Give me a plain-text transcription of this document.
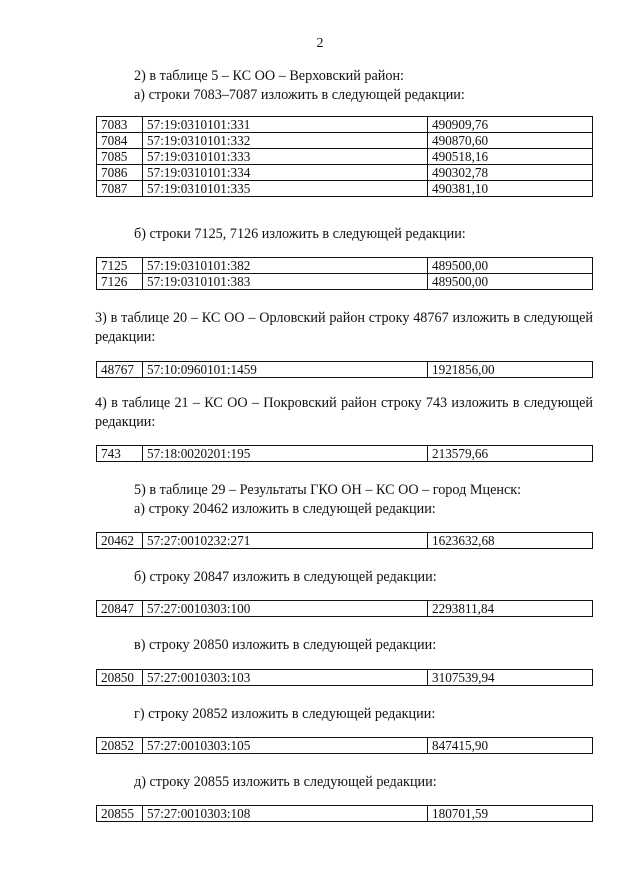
2
2) в таблице 5 – КС ОО – Верховский район:
а) строки 7083–7087 изложить в следующей редакции:
7083	57:19:0310101:331	490909,76
7084	57:19:0310101:332	490870,60
7085	57:19:0310101:333	490518,16
7086	57:19:0310101:334	490302,78
7087	57:19:0310101:335	490381,10
б) строки 7125, 7126 изложить в следующей редакции:
7125	57:19:0310101:382	489500,00
7126	57:19:0310101:383	489500,00
3) в таблице 20 – КС ОО – Орловский район строку 48767 изложить в следующей редакции:
48767	57:10:0960101:1459	1921856,00
4) в таблице 21 – КС ОО – Покровский район строку 743 изложить в следующей редакции:
743	57:18:0020201:195	213579,66
5) в таблице 29 – Результаты ГКО ОН – КС ОО – город Мценск:
а) строку 20462 изложить в следующей редакции:
20462	57:27:0010232:271	1623632,68
б) строку 20847 изложить в следующей редакции:
20847	57:27:0010303:100	2293811,84
в) строку 20850 изложить в следующей редакции:
20850	57:27:0010303:103	3107539,94
г) строку 20852 изложить в следующей редакции:
20852	57:27:0010303:105	847415,90
д) строку 20855 изложить в следующей редакции:
20855	57:27:0010303:108	180701,59
